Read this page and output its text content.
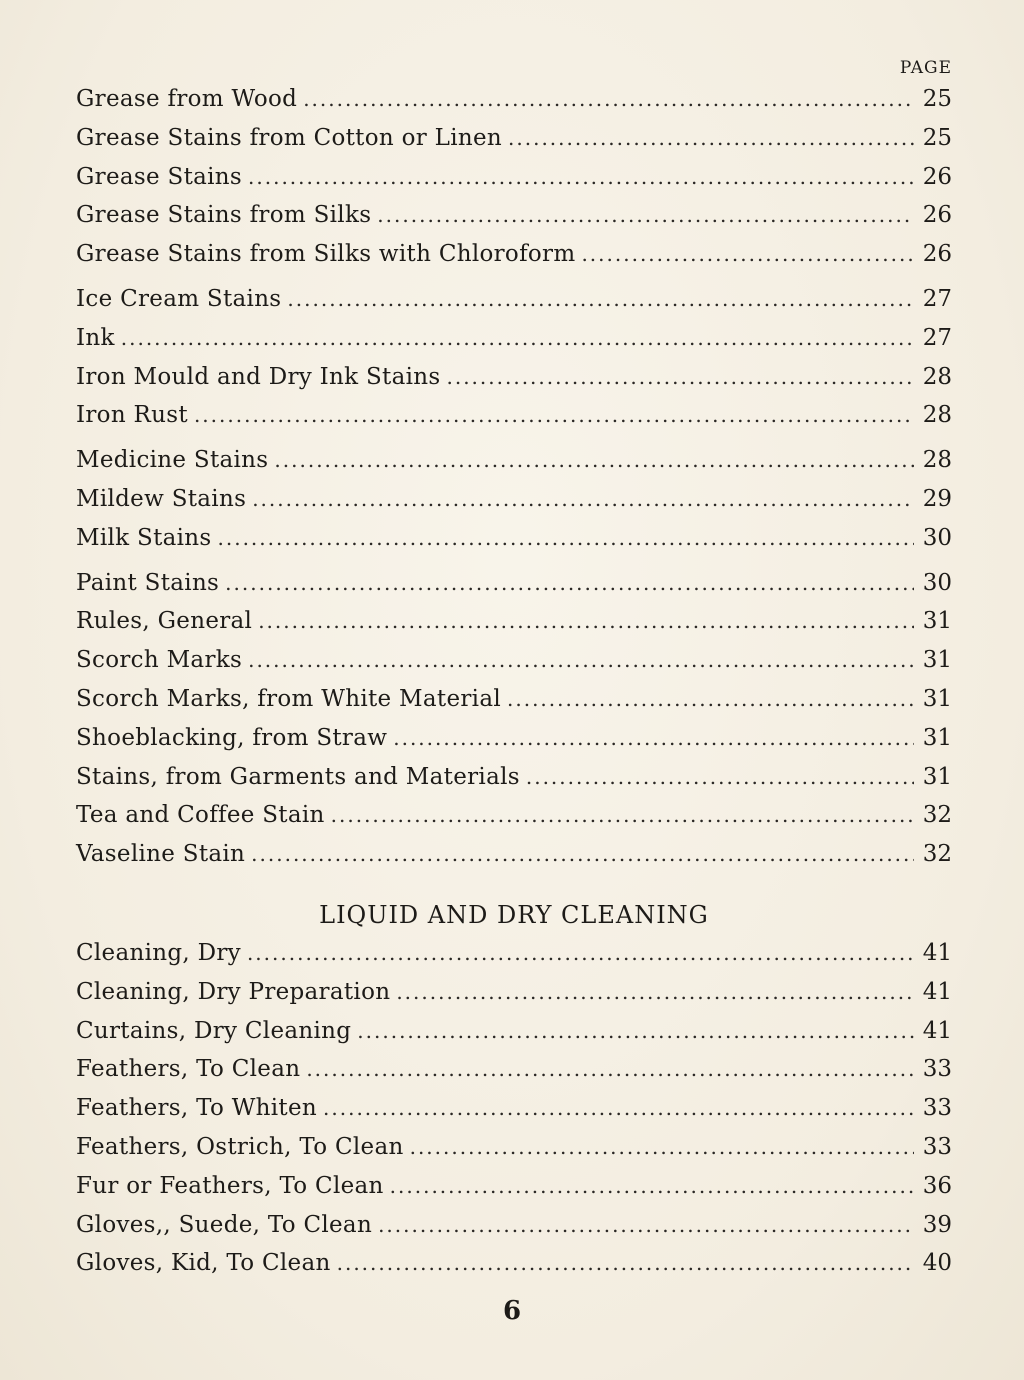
PAGE
Grease from Wood .....	25
Grease Stains from Cotton or Linen .....	25
Grease Stains .....	26
Grease Stains from Silks .....	26
Grease Stains from Silks with Chloroform .....	26
Ice Cream Stains .....	27
Ink .....	27
Iron Mould and Dry Ink Stains .....	28
Iron Rust .....	28
Medicine Stains .....	28
Mildew Stains .....	29
Milk Stains .....	30
Paint Stains .....	30
Rules, General .....	31
Scorch Marks .....	31
Scorch Marks, from White Material .....	31
Shoeblacking, from Straw .....	31
Stains, from Garments and Materials .....	31
Tea and Coffee Stain .....	32
Vaseline Stain .....	32
LIQUID AND DRY CLEANING
Cleaning, Dry .....	41
Cleaning, Dry Preparation .....	41
Curtains, Dry Cleaning .....	41
Feathers, To Clean .....	33
Feathers, To Whiten .....	33
Feathers, Ostrich, To Clean .....	33
Fur or Feathers, To Clean .....	36
Gloves,, Suede, To Clean .....	39
Gloves, Kid, To Clean .....	40
6
